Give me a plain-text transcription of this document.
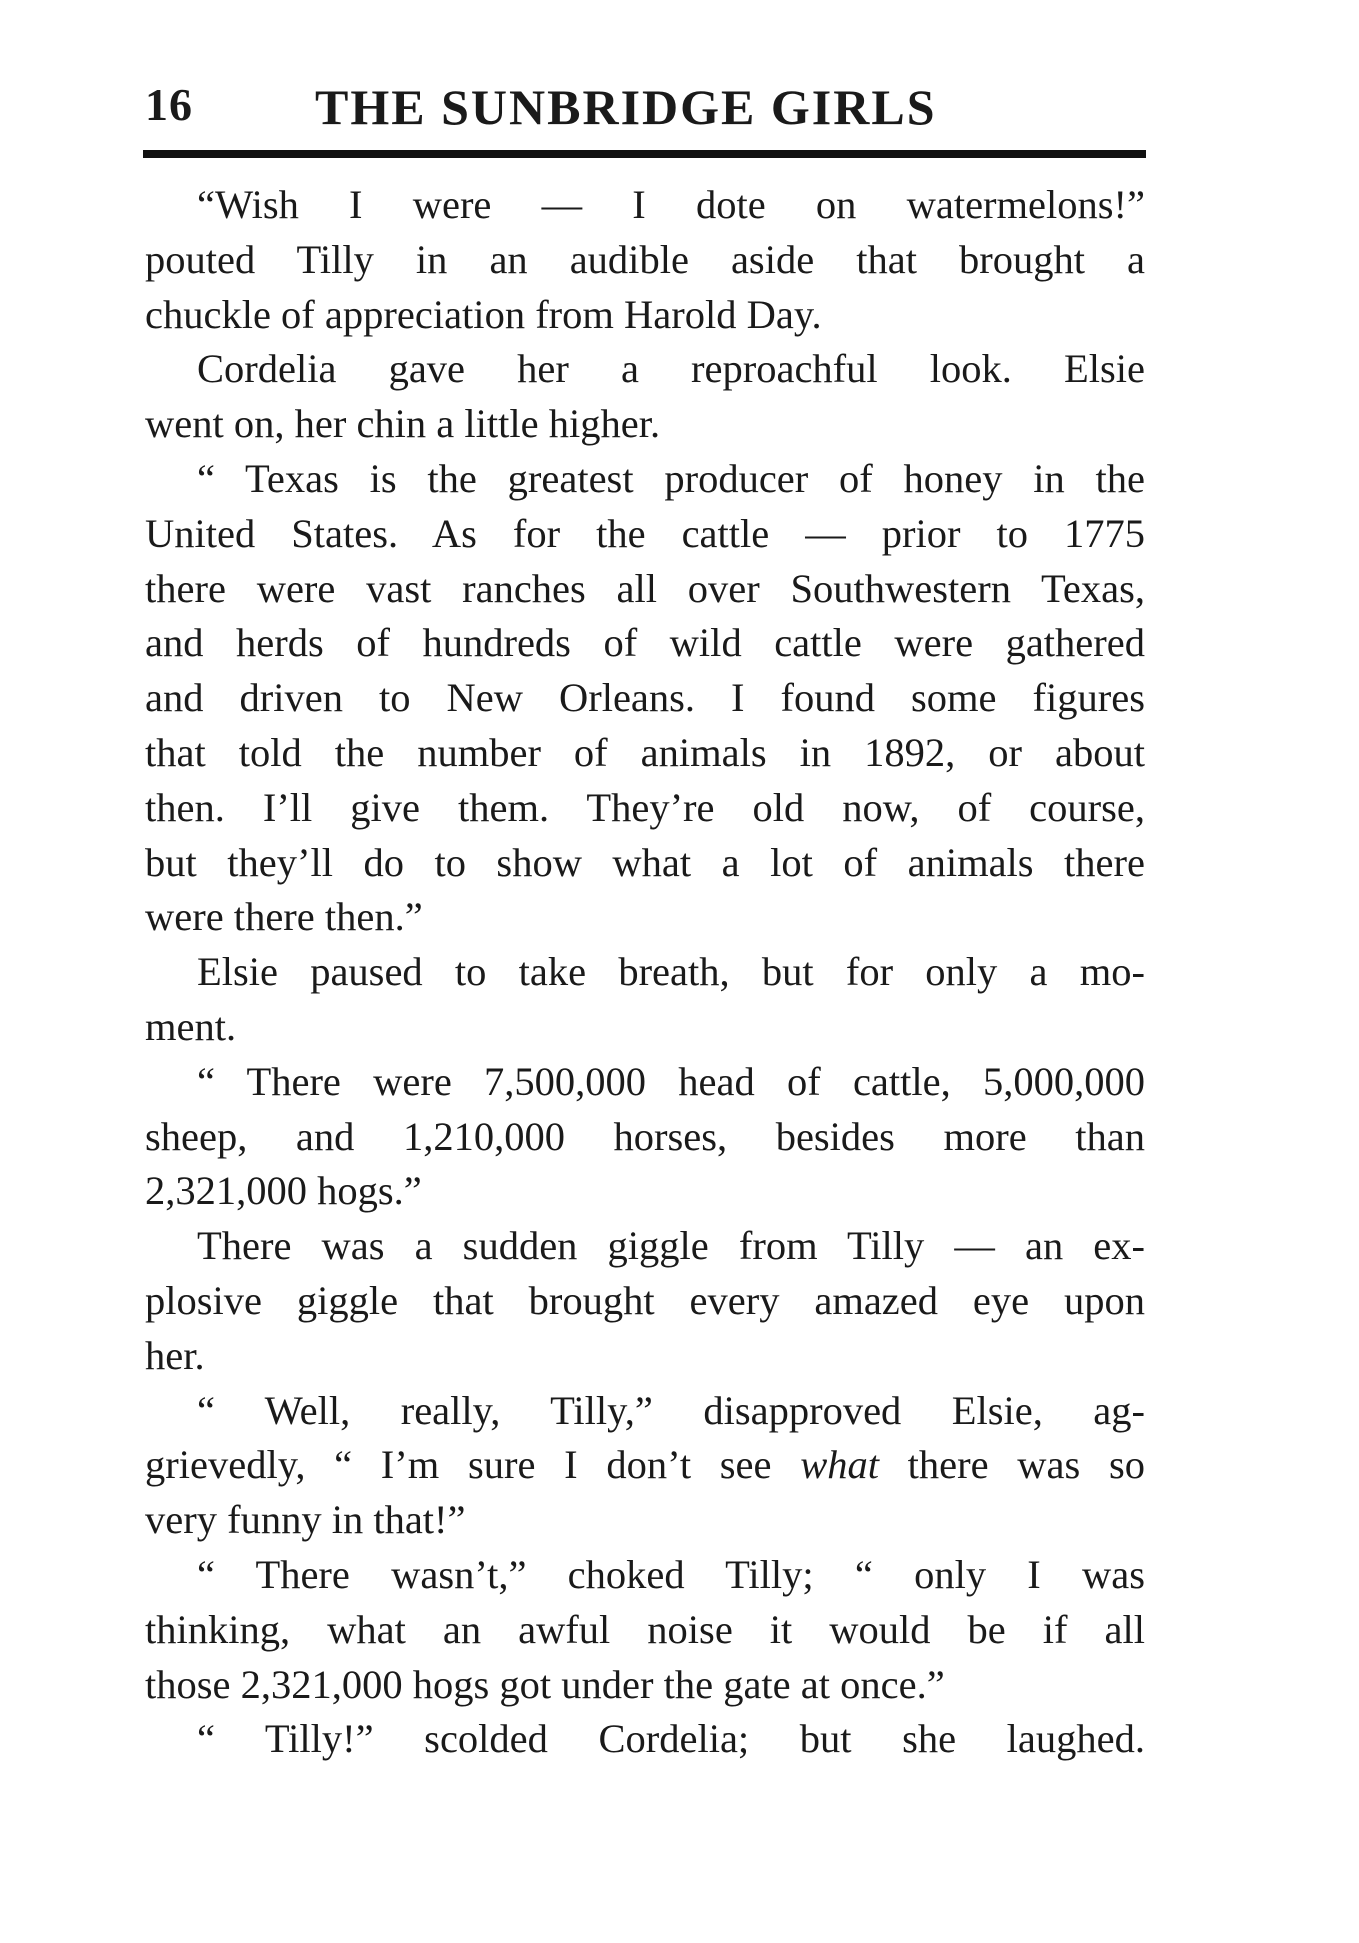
16 THE SUNBRIDGE GIRLS
“Wish I were — I dote on watermelons!”
pouted Tilly in an audible aside that brought a
chuckle of appreciation from Harold Day.
Cordelia gave her a reproachful look. Elsie
went on, her chin a little higher.
“ Texas is the greatest producer of honey in the
United States. As for the cattle — prior to 1775
there were vast ranches all over Southwestern Texas,
and herds of hundreds of wild cattle were gathered
and driven to New Orleans. I found some figures
that told the number of animals in 1892, or about
then. I’ll give them. They’re old now, of course,
but they’ll do to show what a lot of animals there
were there then.”
Elsie paused to take breath, but for only a mo-
ment.
“ There were 7,500,000 head of cattle, 5,000,000
sheep, and 1,210,000 horses, besides more than
2,321,000 hogs.”
There was a sudden giggle from Tilly — an ex-
plosive giggle that brought every amazed eye upon
her.
“ Well, really, Tilly,” disapproved Elsie, ag-
grievedly, “ I’m sure I don’t see what there was so
very funny in that!”
“ There wasn’t,” choked Tilly; “ only I was
thinking, what an awful noise it would be if all
those 2,321,000 hogs got under the gate at once.”
“ Tilly!” scolded Cordelia; but she laughed.
